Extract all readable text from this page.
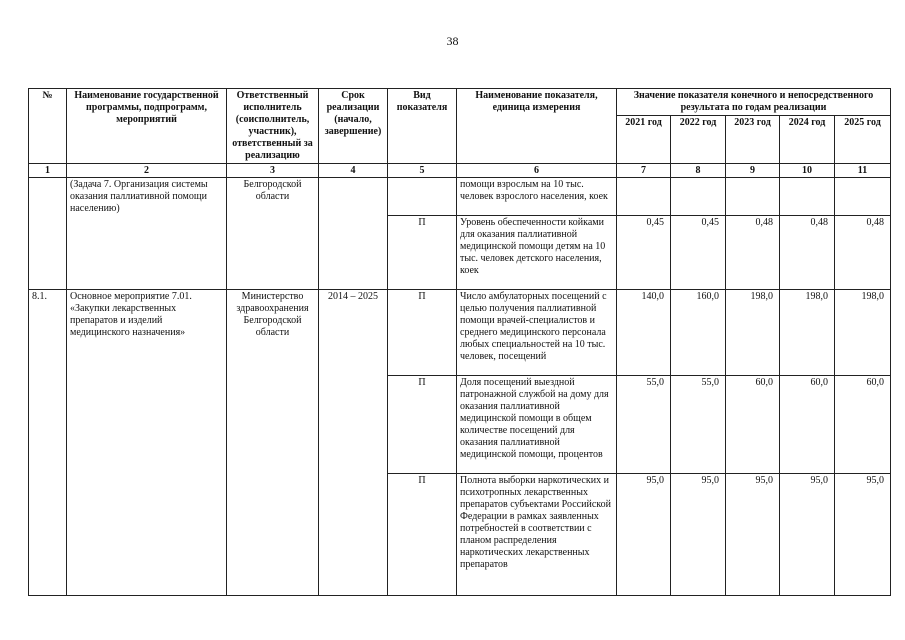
38
№	Наименование государственной программы, подпрограмм, мероприятий	Ответственный исполнитель (соисполнитель, участник), ответственный за реализацию	Срок реализации (начало, завершение)	Вид показателя	Наименование показателя, единица измерения	Значение показателя конечного и непосредственного результата по годам реализации				
						2021 год	2022 год	2023 год	2024 год	2025 год
1	2	3	4	5	6	7	8	9	10	11
	(Задача 7. Организация системы оказания паллиативной помощи населению)	Белгородской области			помощи взрослым на 10 тыс. человек взрослого населения, коек					
				П	Уровень обеспеченности койками для оказания паллиативной медицинской помощи детям на 10 тыс. человек детского населения, коек	0,45	0,45	0,48	0,48	0,48
8.1.	Основное мероприятие 7.01. «Закупки лекарственных препаратов и изделий медицинского назначения»	Министерство здравоохранения Белгородской области	2014 – 2025	П	Число амбулаторных посещений с целью получения паллиативной помощи врачей-специалистов и среднего медицинского персонала любых специальностей на 10 тыс. человек, посещений	140,0	160,0	198,0	198,0	198,0
				П	Доля посещений выездной патронажной службой на дому для оказания паллиативной медицинской помощи в общем количестве посещений для оказания паллиативной медицинской помощи, процентов	55,0	55,0	60,0	60,0	60,0
				П	Полнота выборки наркотических и психотропных лекарственных препаратов субъектами Российской Федерации в рамках заявленных потребностей в соответствии с планом распределения наркотических лекарственных препаратов	95,0	95,0	95,0	95,0	95,0
